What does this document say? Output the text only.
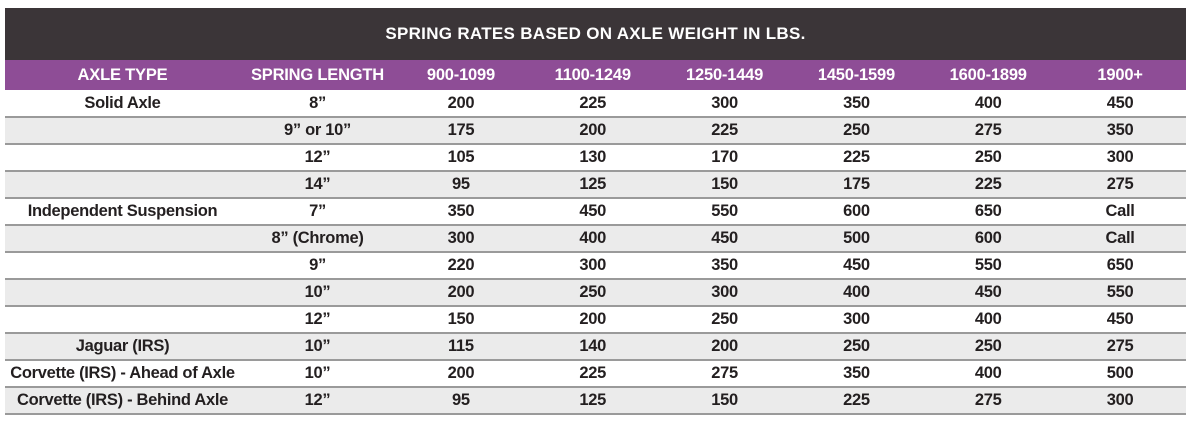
SPRING RATES BASED ON AXLE WEIGHT IN LBS.
AXLE TYPE	SPRING LENGTH	900-1099	1100-1249	1250-1449	1450-1599	1600-1899	1900+
Solid Axle	8”	200	225	300	350	400	450
	9” or 10”	175	200	225	250	275	350
	12”	105	130	170	225	250	300
	14”	95	125	150	175	225	275
Independent Suspension	7”	350	450	550	600	650	Call
	8” (Chrome)	300	400	450	500	600	Call
	9”	220	300	350	450	550	650
	10”	200	250	300	400	450	550
	12”	150	200	250	300	400	450
Jaguar (IRS)	10”	115	140	200	250	250	275
Corvette (IRS) - Ahead of Axle	10”	200	225	275	350	400	500
Corvette (IRS) - Behind Axle	12”	95	125	150	225	275	300
